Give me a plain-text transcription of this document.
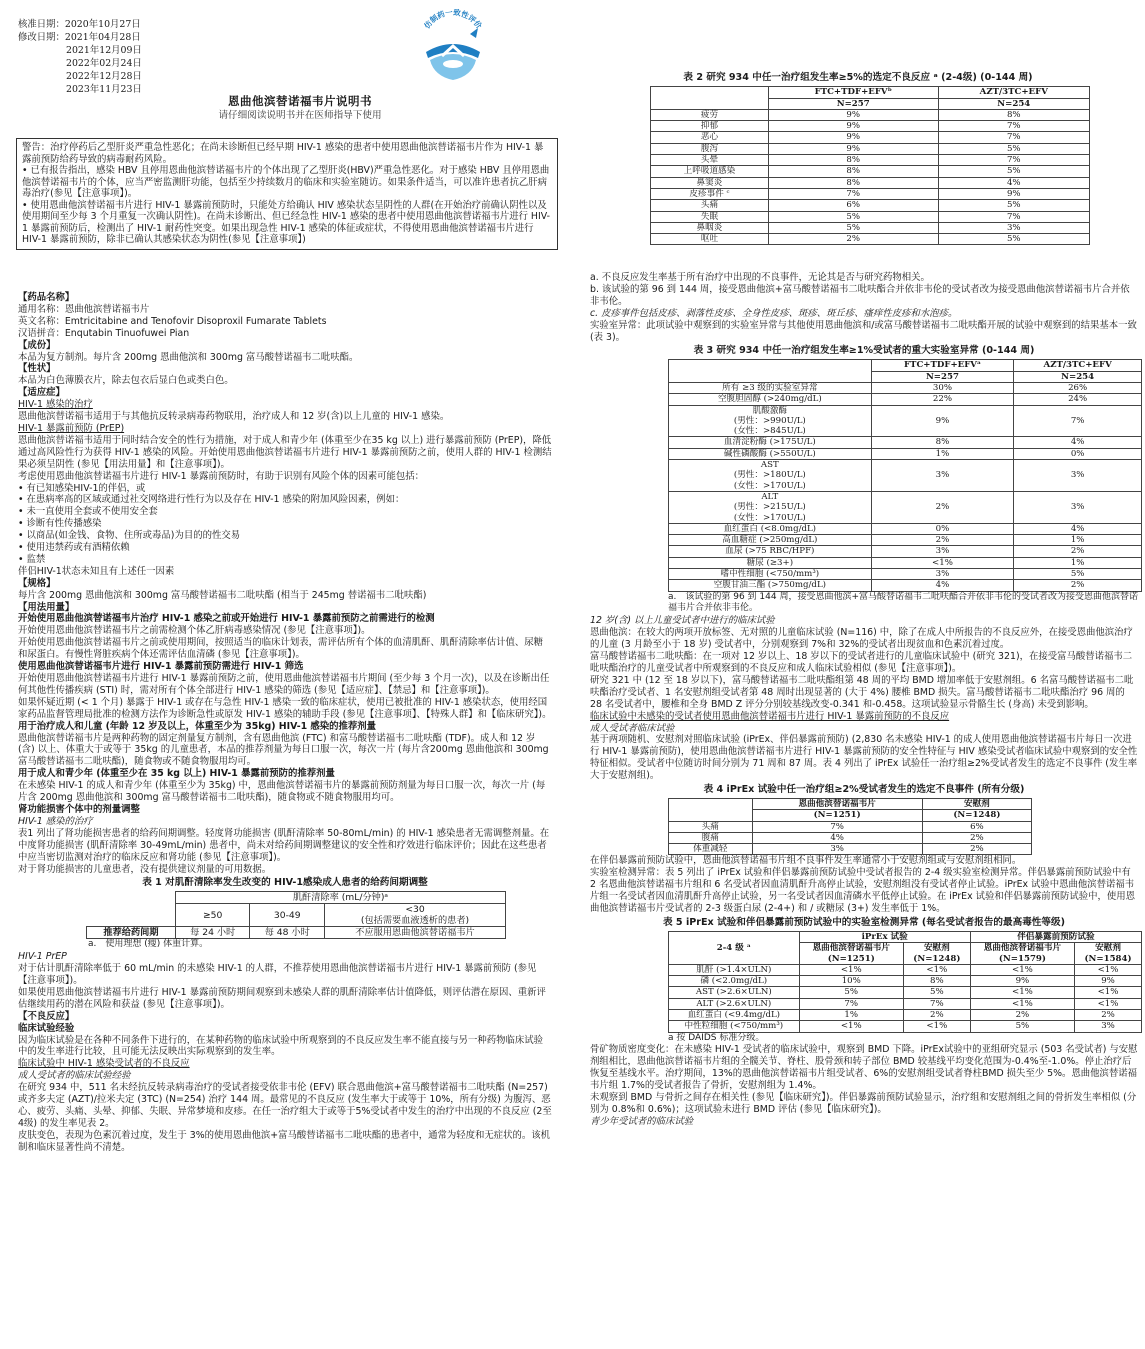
核准日期：2020年10月27日
修改日期：2021年04月28日
2021年12月09日
2022年02月24日
2022年12月28日
2023年11月23日
仿制药一致性评价
恩曲他滨替诺福韦片说明书
请仔细阅读说明书并在医师指导下使用
警告：治疗停药后乙型肝炎严重急性恶化；在尚未诊断但已经早期 HIV-1 感染的患者中使用恩曲他滨替诺福韦片作为 HIV-1 暴露前预防给药导致的病毒耐药风险。
• 已有报告指出，感染 HBV 且停用恩曲他滨替诺福韦片的个体出现了乙型肝炎(HBV)严重急性恶化。对于感染 HBV 且停用恩曲他滨替诺福韦片的个体，应当严密监测肝功能，包括至少持续数月的临床和实验室随访。如果条件适当，可以准许患者抗乙肝病毒治疗(参见【注意事项】)。
• 使用恩曲他滨替诺福韦片进行 HIV-1 暴露前预防时，只能处方给确认 HIV 感染状态呈阴性的人群(在开始治疗前确认阴性以及使用期间至少每 3 个月重复一次确认阴性)。在尚未诊断出、但已经急性 HIV-1 感染的患者中使用恩曲他滨替诺福韦片进行 HIV-1 暴露前预防后，检测出了 HIV-1 耐药性突变。如果出现急性 HIV-1 感染的体征或症状，不得使用恩曲他滨替诺福韦片进行 HIV-1 暴露前预防，除非已确认其感染状态为阴性(参见【注意事项】)

【药品名称】

通用名称：恩曲他滨替诺福韦片

英文名称：Emtricitabine and Tenofovir Disoproxil Fumarate Tablets

汉语拼音：Enqutabin Tinuofuwei Pian

【成份】

本品为复方制剂。每片含 200mg 恩曲他滨和 300mg 富马酸替诺福韦二吡呋酯。

【性状】

本品为白色薄膜衣片，除去包衣后显白色或类白色。

【适应症】

HIV-1 感染的治疗

恩曲他滨替诺福韦适用于与其他抗反转录病毒药物联用，治疗成人和 12 岁(含)以上儿童的 HIV-1 感染。

HIV-1 暴露前预防 (PrEP)

恩曲他滨替诺福韦适用于同时结合安全的性行为措施，对于成人和青少年 (体重至少在35 kg 以上) 进行暴露前预防 (PrEP)，降低通过高风险性行为获得 HIV-1 感染的风险。开始使用恩曲他滨替诺福韦片进行 HIV-1 暴露前预防之前，使用人群的 HIV-1 检测结果必须呈阴性 (参见【用法用量】和【注意事项】)。

考虑使用恩曲他滨替诺福韦片进行 HIV-1 暴露前预防时，有助于识别有风险个体的因素可能包括：

• 有已知感染HIV-1的伴侣，或

• 在患病率高的区域或通过社交网络进行性行为以及存在 HIV-1 感染的附加风险因素，例如：

• 未一直使用全套或不使用安全套

• 诊断有性传播感染

• 以商品(如金钱、食物、住所或毒品)为目的的性交易

• 使用违禁药或有酒精依赖

• 监禁

伴侣HIV-1状态未知且有上述任一因素

【规格】

每片含 200mg 恩曲他滨和 300mg 富马酸替诺福韦二吡呋酯 (相当于 245mg 替诺福韦二吡呋酯)

【用法用量】

开始使用恩曲他滨替诺福韦片治疗 HIV-1 感染之前或开始进行 HIV-1 暴露前预防之前需进行的检测

开始使用恩曲他滨替诺福韦片之前需检测个体乙肝病毒感染情况 (参见【注意事项】)。

开始使用恩曲他滨替诺福韦片之前或使用期间，按照适当的临床计划表，需评估所有个体的血清肌酐、肌酐清除率估计值、尿糖和尿蛋白。有慢性肾脏疾病个体还需评估血清磷 (参见【注意事项】)。

使用恩曲他滨替诺福韦片进行 HIV-1 暴露前预防需进行 HIV-1 筛选

开始使用恩曲他滨替诺福韦片进行 HIV-1 暴露前预防之前，使用恩曲他滨替诺福韦片期间 (至少每 3 个月一次)，以及在诊断出任何其他性传播疾病 (STI) 时，需对所有个体全部进行 HIV-1 感染的筛选 (参见【适应症】、【禁忌】和【注意事项】)。

如果怀疑近期 (< 1 个月) 暴露于 HIV-1 或存在与急性 HIV-1 感染一致的临床症状，使用已被批准的 HIV-1 感染状态，使用经国家药品监督管理局批准的检测方法作为诊断急性或原发 HIV-1 感染的辅助手段 (参见【注意事项】、【特殊人群】和【临床研究】)。

用于治疗成人和儿童 (年龄 12 岁及以上，体重至少为 35kg) HIV-1 感染的推荐剂量

恩曲他滨替诺福韦片是两种药物的固定剂量复方制剂，含有恩曲他滨 (FTC) 和富马酸替诺福韦二吡呋酯 (TDF)。成人和 12 岁 (含) 以上、体重大于或等于 35kg 的儿童患者，本品的推荐剂量为每日口服一次，每次一片 (每片含200mg 恩曲他滨和 300mg 富马酸替诺福韦二吡呋酯)，随食物或不随食物服用均可。

用于成人和青少年 (体重至少在 35 kg 以上) HIV-1 暴露前预防的推荐剂量

在未感染 HIV-1 的成人和青少年 (体重至少为 35kg) 中，恩曲他滨替诺福韦片的暴露前预防剂量为每日口服一次，每次一片 (每片含 200mg 恩曲他滨和 300mg 富马酸替诺福韦二吡呋酯)，随食物或不随食物服用均可。

肾功能损害个体中的剂量调整

HIV-1 感染的治疗

表1 列出了肾功能损害患者的给药间期调整。轻度肾功能损害 (肌酐清除率 50-80mL/min) 的 HIV-1 感染患者无需调整剂量。在中度肾功能损害 (肌酐清除率 30-49mL/min) 患者中，尚未对给药间期调整建议的安全性和疗效进行临床评价；因此在这些患者中应当密切监测对治疗的临床反应和肾功能 (参见【注意事项】)。

对于肾功能损害的儿童患者，没有提供建议剂量的可用数据。

表 1 对肌酐清除率发生改变的 HIV-1感染成人患者的给药间期调整

	肌酐清除率 (mL/分钟)ᵃ		
	≥50	30-49	<30
(包括需要血液透析的患者)
推荐给药间期	每 24 小时	每 48 小时	不应服用恩曲他滨替诺福韦片

a.　使用理想 (瘦) 体重计算。

HIV-1 PrEP

对于估计肌酐清除率低于 60 mL/min 的未感染 HIV-1 的人群，不推荐使用恩曲他滨替诺福韦片进行 HIV-1 暴露前预防 (参见【注意事项】)。

如果使用恩曲他滨替诺福韦片进行 HIV-1 暴露前预防期间观察到未感染人群的肌酐清除率估计值降低，则评估潜在原因、重新评估继续用药的潜在风险和获益 (参见【注意事项】)。

【不良反应】

临床试验经验

因为临床试验是在各种不同条件下进行的，在某种药物的临床试验中所观察到的不良反应发生率不能直接与另一种药物临床试验中的发生率进行比较，且可能无法反映出实际观察到的发生率。

临床试验中 HIV-1 感染受试者的不良反应

成人受试者的临床试验经验

在研究 934 中，511 名未经抗反转录病毒治疗的受试者接受依非韦伦 (EFV) 联合恩曲他滨+富马酸替诺福韦二吡呋酯 (N=257) 或齐多夫定 (AZT)/拉米夫定 (3TC) (N=254) 治疗 144 周。最常见的不良反应 (发生率大于或等于 10%，所有分级) 为腹泻、恶心、疲劳、头痛、头晕、抑郁、失眠、异常梦境和皮疹。在任一治疗组大于或等于5%受试者中发生的治疗中出现的不良反应 (2至4级) 的发生率见表 2。

皮肤变色，表现为色素沉着过度，发生于 3%的使用恩曲他滨+富马酸替诺福韦二吡呋酯的患者中，通常为轻度和无症状的。该机制和临床显著性尚不清楚。

表 2 研究 934 中任一治疗组发生率≥5%的选定不良反应 ᵃ (2-4级) (0-144 周)

	FTC+TDF+EFVᵇ	AZT/3TC+EFV
	N=257	N=254
疲劳	9%	8%
抑郁	9%	7%
恶心	9%	7%
腹泻	9%	5%
头晕	8%	7%
上呼吸道感染	8%	5%
鼻窦炎	8%	4%
皮疹事件 ᶜ	7%	9%
头痛	6%	5%
失眠	5%	7%
鼻咽炎	5%	3%
呕吐	2%	5%

a. 不良反应发生率基于所有治疗中出现的不良事件，无论其是否与研究药物相关。

b. 该试验的第 96 到 144 周，接受恩曲他滨+富马酸替诺福韦二吡呋酯合并依非韦伦的受试者改为接受恩曲他滨替诺福韦片合并依非韦伦。

c. 皮疹事件包括皮疹、剥落性皮疹、全身性皮疹、斑疹、斑丘疹、瘙痒性皮疹和水泡疹。

实验室异常：此项试验中观察到的实验室异常与其他使用恩曲他滨和/或富马酸替诺福韦二吡呋酯开展的试验中观察到的结果基本一致 (表 3)。

表 3 研究 934 中任一治疗组发生率≥1%受试者的重大实验室异常 (0-144 周)

	FTC+TDF+EFVᵃ	AZT/3TC+EFV
	N=257	N=254
所有 ≥3 级的实验室异常	30%	26%
空腹胆固醇 (>240mg/dL)	22%	24%
肌酸激酶
(男性：>990U/L)
(女性：>845U/L)	9%	7%
血清淀粉酶 (>175U/L)	8%	4%
碱性磷酸酶 (>550U/L)	1%	0%
AST
(男性：>180U/L)
(女性：>170U/L)	3%	3%
ALT
(男性：>215U/L)
(女性：>170U/L)	2%	3%
血红蛋白 (<8.0mg/dL)	0%	4%
高血糖症 (>250mg/dL)	2%	1%
血尿 (>75 RBC/HPF)	3%	2%
糖尿 (≥3+)	<1%	1%
嗜中性细胞 (<750/mm³)	3%	5%
空腹甘油三酯 (>750mg/dL)	4%	2%

a.　该试验的第 96 到 144 周，接受恩曲他滨+富马酸替诺福韦二吡呋酯合并依非韦伦的受试者改为接受恩曲他滨替诺福韦片合并依非韦伦。

12 岁(含) 以上儿童受试者中进行的临床试验

恩曲他滨：在较大的两项开放标签、无对照的儿童临床试验 (N=116) 中，除了在成人中所报告的不良反应外，在接受恩曲他滨治疗的儿童 (3 月龄至小于 18 岁) 受试者中，分别观察到 7%和 32%的受试者出现贫血和色素沉着过度。

富马酸替诺福韦二吡呋酯：在一项对 12 岁以上、18 岁以下的受试者进行的儿童临床试验中 (研究 321)，在接受富马酸替诺福韦二吡呋酯治疗的儿童受试者中所观察到的不良反应和成人临床试验相似 (参见【注意事项】)。

研究 321 中 (12 至 18 岁以下)，富马酸替诺福韦二吡呋酯组第 48 周的平均 BMD 增加率低于安慰剂组。6 名富马酸替诺福韦二吡呋酯治疗受试者、1 名安慰剂组受试者第 48 周时出现显著的 (大于 4%) 腰椎 BMD 损失。富马酸替诺福韦二吡呋酯治疗 96 周的 28 名受试者中，腰椎和全身 BMD Z 评分分别较基线改变-0.341 和-0.458。这项试验显示骨骼生长 (身高) 未受到影响。

临床试验中未感染的受试者使用恩曲他滨替诺福韦片进行 HIV-1 暴露前预防的不良反应

成人受试者临床试验

基于两项随机、安慰剂对照临床试验 (iPrEx、伴侣暴露前预防) (2,830 名未感染 HIV-1 的成人使用恩曲他滨替诺福韦片每日一次进行 HIV-1 暴露前预防)，使用恩曲他滨替诺福韦片进行 HIV-1 暴露前预防的安全性特征与 HIV 感染受试者临床试验中观察到的安全性特征相似。受试者中位随访时间分别为 71 周和 87 周。表 4 列出了 iPrEx 试验任一治疗组≥2%受试者发生的选定不良事件 (发生率大于安慰剂组)。

表 4 iPrEx 试验中任一治疗组≥2%受试者发生的选定不良事件 (所有分级)

	恩曲他滨替诺福韦片	安慰剂
	(N=1251)	(N=1248)
头痛	7%	6%
腹痛	4%	2%
体重减轻	3%	2%

在伴侣暴露前预防试验中，恩曲他滨替诺福韦片组不良事件发生率通常小于安慰剂组或与安慰剂组相同。

实验室检测异常：表 5 列出了 iPrEx 试验和伴侣暴露前预防试验中受试者报告的 2-4 级实验室检测异常。伴侣暴露前预防试验中有 2 名恩曲他滨替诺福韦片组和 6 名受试者因血清肌酐升高停止试验，安慰剂组没有受试者停止试验。iPrEx 试验中恩曲他滨替诺福韦片组一名受试者因血清肌酐升高停止试验，另一名受试者因血清磷水平低停止试验。在 iPrEx 试验和伴侣暴露前预防试验中，使用恩曲他滨替诺福韦片受试者的 2-3 级蛋白尿 (2-4+) 和 / 或糖尿 (3+) 发生率低于 1%。

表 5 iPrEx 试验和伴侣暴露前预防试验中的实验室检测异常 (每名受试者报告的最高毒性等级)

2-4 级 ᵃ	iPrEx 试验		伴侣暴露前预防试验	
	恩曲他滨替诺福韦片
(N=1251)	安慰剂
(N=1248)	恩曲他滨替诺福韦片
(N=1579)	安慰剂
(N=1584)
肌酐 (>1.4×ULN)	<1%	<1%	<1%	<1%
磷 (<2.0mg/dL)	10%	8%	9%	9%
AST (>2.6×ULN)	5%	5%	<1%	<1%
ALT (>2.6×ULN)	7%	7%	<1%	<1%
血红蛋白 (<9.4mg/dL)	1%	2%	2%	2%
中性粒细胞 (<750/mm³)	<1%	<1%	5%	3%

a 按 DAIDS 标准分级。

骨矿物质密度变化：在未感染 HIV-1 受试者的临床试验中，观察到 BMD 下降。iPrEx试验中的亚组研究显示 (503 名受试者) 与安慰剂组相比，恩曲他滨替诺福韦片组的全髋关节、脊柱、股骨颈和转子部位 BMD 较基线平均变化范围为-0.4%至-1.0%。停止治疗后恢复至基线水平。治疗期间，13%的恩曲他滨替诺福韦片组受试者、6%的安慰剂组受试者脊柱BMD 损失至少 5%。恩曲他滨替诺福韦片组 1.7%的受试者报告了骨折，安慰剂组为 1.4%。

未观察到 BMD 与骨折之间存在相关性 (参见【临床研究】)。伴侣暴露前预防试验显示，治疗组和安慰剂组之间的骨折发生率相似 (分别为 0.8%和 0.6%)；这项试验未进行 BMD 评估 (参见【临床研究】)。

青少年受试者的临床试验
